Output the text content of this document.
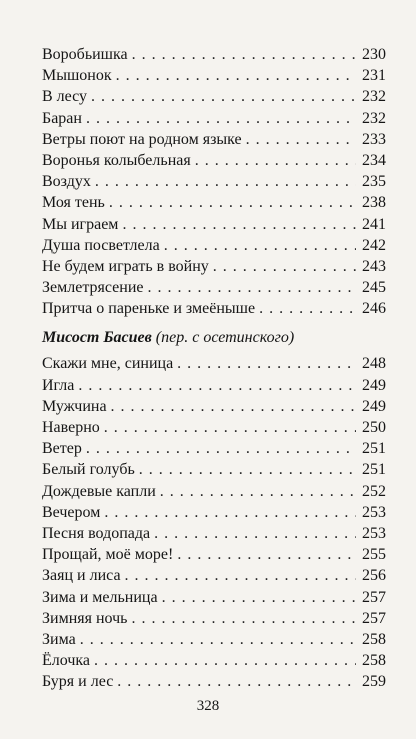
Воробьишка . . .	230
Мышонок . . .	231
В лесу . . .	232
Баран . . .	232
Ветры поют на родном языке . . .	233
Воронья колыбельная . . .	234
Воздух . . .	235
Моя тень . . .	238
Мы играем . . .	241
Душа посветлела . . .	242
Не будем играть в войну . . .	243
Землетрясение . . .	245
Притча о пареньке и змеёныше . . .	246
Мисост Басиев (пер. с осетинского)
Скажи мне, синица . . .	248
Игла . . .	249
Мужчина . . .	249
Наверно . . .	250
Ветер . . .	251
Белый голубь . . .	251
Дождевые капли . . .	252
Вечером . . .	253
Песня водопада . . .	253
Прощай, моё море! . . .	255
Заяц и лиса . . .	256
Зима и мельница . . .	257
Зимняя ночь . . .	257
Зима . . .	258
Ёлочка . . .	258
Буря и лес . . .	259
328
